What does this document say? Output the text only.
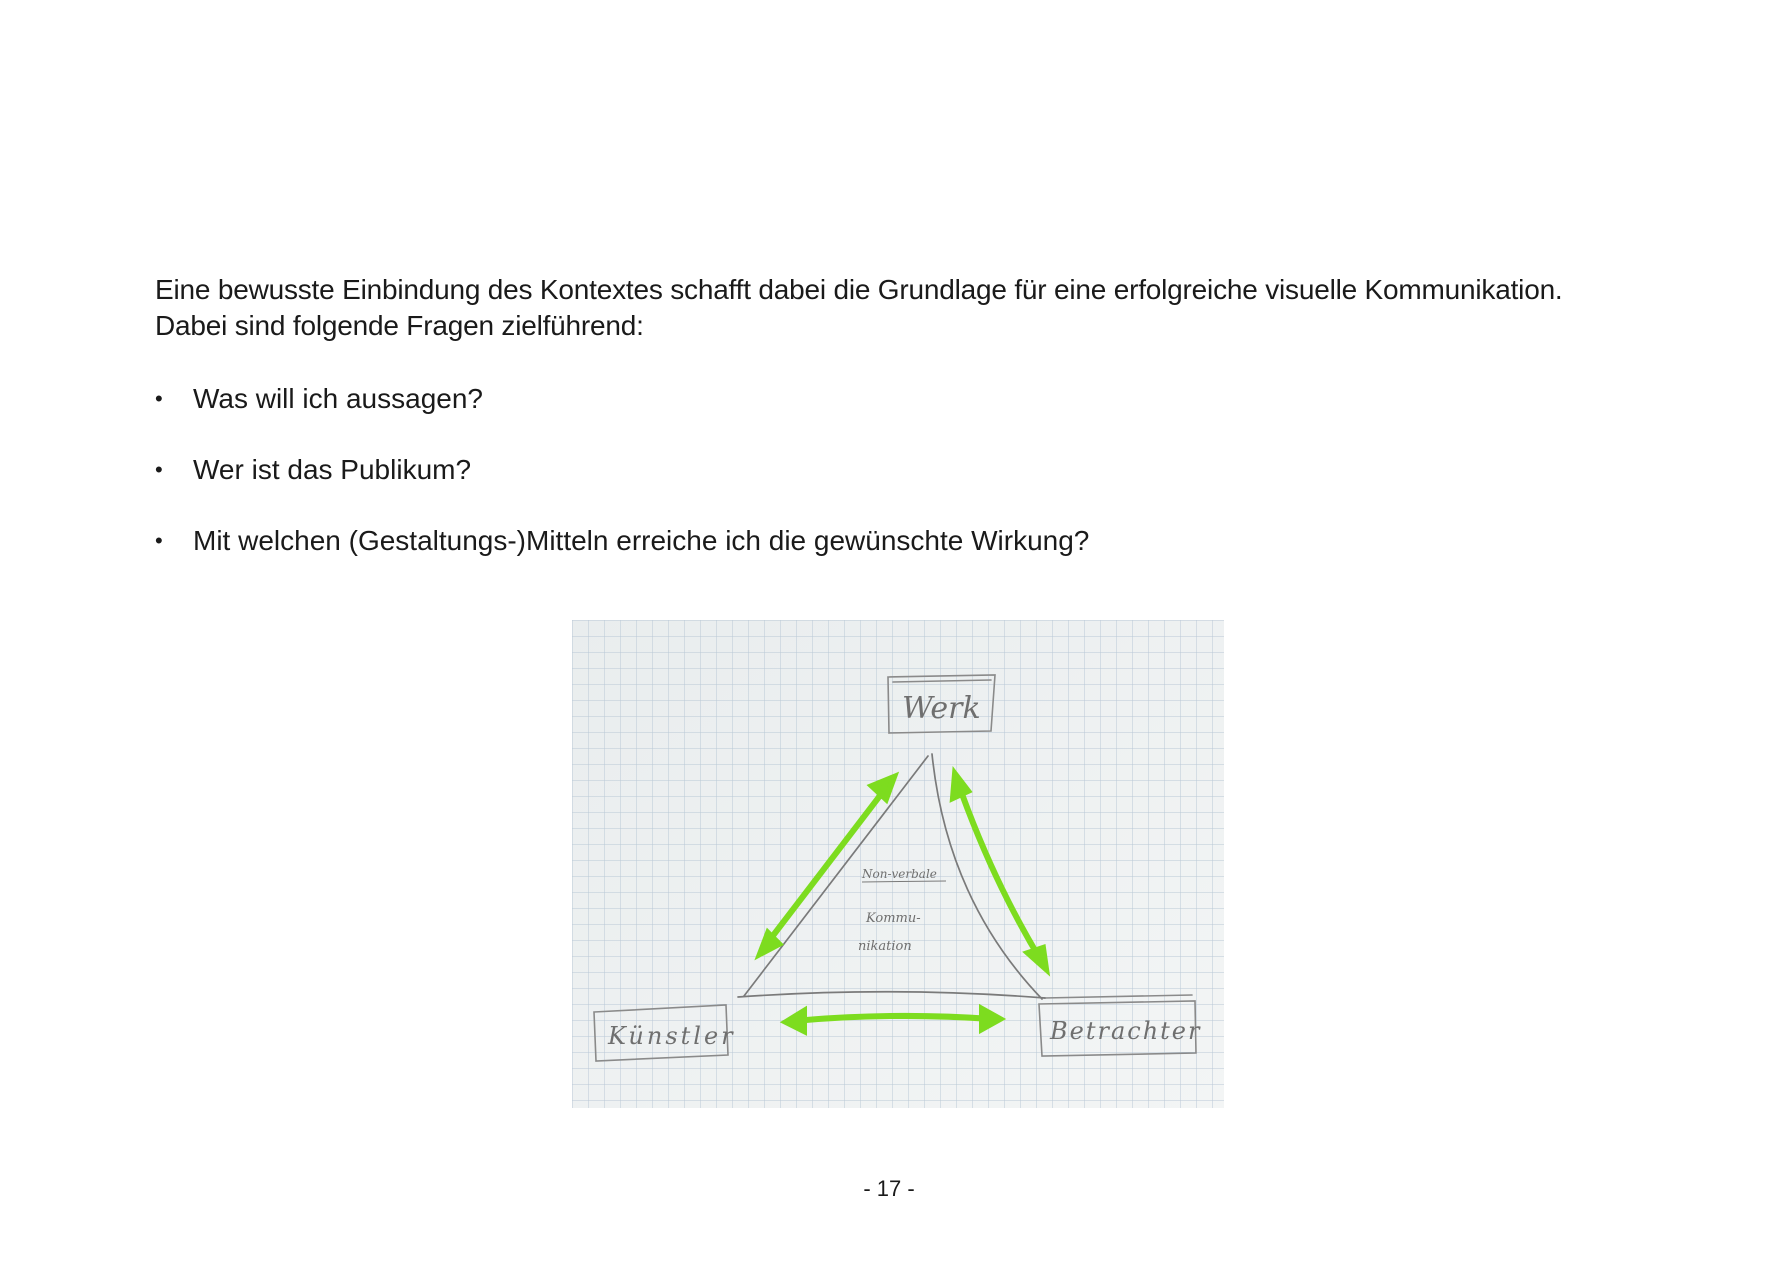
Eine bewusste Einbindung des Kontextes schafft dabei die Grundlage für eine erfolgreiche visuelle Kommunikation.

Dabei sind folgende Fragen zielführend:

• Was will ich aussagen?
• Wer ist das Publikum?
• Mit welchen (Gestaltungs-)Mitteln erreiche ich die gewünschte Wirkung?
Werk
Künstler	Betrachter
Non-verbale
Kommu-
nikation
- 17 -
